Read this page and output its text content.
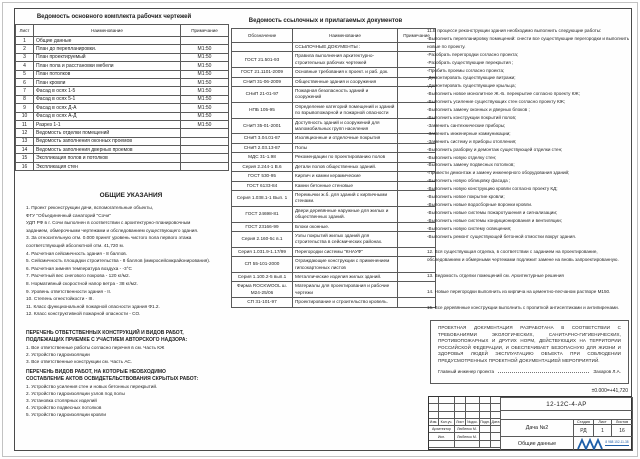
Ведомость основного комплекта рабочих чертежей
Лист	Наименование	Примечание
1	Общие данные	
2	План до перепланировки.	М1:50
3	План проектируемый	М1:50
4	План пола и расстановки мебели	М1:50
5	План потолков	М1:50
6	План кровли	М1:50
7	Фасад в осях 1-5	М1:50
8	Фасад в осях 5-1	М1:50
9	Фасад в осях Д-А	М1:50
10	Фасад в осях А-Д	М1:50
11	Разрез 1-1	М1:50
12	Ведомость отделки помещений	
13	Ведомость заполнения оконных проемов	
14	Ведомость заполнения дверных проемов	
15	Экспликация полов и потолков	
16	Экспликация стен	
Ведомость ссылочных и прилагаемых документов
Обозначение	Наименование	Примечание
	ССЫЛОЧНЫЕ ДОКУМЕНТЫ :	
ГОСТ 21.501-93	Правила выполнения архитектурно-строительных рабочих чертежей	
ГОСТ 21.1101-2009	Основные требования к проект. и раб. док.	
СНиП 31-06-2009	Общественные здания и сооружения	
СНиП 21-01-97	Пожарная безопасность зданий и сооружений	
НПБ 105-95	Определение категорий помещений и зданий по взрывопожарной и пожарной опасности	
СНиП 35-01-2001	Доступность зданий и сооружений для маломобильных групп населения	
СНиП 3.04.01-87	Изоляционные и отделочные покрытия	
СНиП 2.03.13-87	Полы	
МДС 31-1.98	Рекомендации по проектированию полов	
Серия 2.244-1 В.6	Детали полов общественных зданий.	
ГОСТ 530-95	Кирпич и камни керамические	
ГОСТ 6133-84	Камни бетонные стеновые	
Серия 1.038.1-1 Вып. 1	Перемычки ж.б. для зданий с кирпичными стенами.	
ГОСТ 24698-81	Двери деревянные наружные для жилых и общественных зданий.	
ГОСТ 23166-99	Блоки оконные.	
Серия 2.160-5с в.1	Узлы покрытий жилых зданий для строительства в сейсмических районах.	
Серия 1.031.9-1.17/99	Перегородки системы "КНАУФ"	
СП 55-101-2000	Ограждающие конструкции с применением гипсокартонных листов	
Серия 1.100.2-5 вып.1	Металлические изделия жилых зданий.	
Фирма ROCKWOOL ш. М24-25/06	Материалы для проектирования и рабочие чертежи	
СП 31-101-97	Проектирование и строительство кровель.	
11.В процессе реконструкции здания необходимо выполнить следующие работы:
-Выполнить перепланировку помещений: снести все существующие перегородки и выполнить новые по проекту.
-Разобрать перегородки согласно проекта;
-Разобрать существующие перекрытия ;
-Пробить проемы согласно проекта;
-Демонтировать существующие витражи;
-Демонтировать существующие крыльца;
-Выполнить новое монолитное Ж.-Б. перекрытие согласно проекту КЖ;
-Выполнить усиление существующих стен согласно проекту КЖ;
-Выполнить замену оконных и дверных блоков ;
-Выполнить конструкции покрытий полов;
-Заменить сантехнические приборы;
-Заменить инженерные коммуникации;
-Заменить систему и приборы отопления;
-Выполнить разборку и демонтаж существующей отделки стен;
-Выполнить новую отделку стен;
-Выполнить замену подвесных потолков;
-Провести демонтаж и замену инженерного оборудования зданий;
-Выполнить новую облицовку фасада ;
-Выполнить новую конструкцию кровли согласно проекту КД;
-Выполнить новое покрытие кровли;
-Выполнить новые водосборные воронки кровли.
-Выполнить новые системы пожаротушения и сигнализации;
-Выполнить новые системы кондиционирования и вентиляции;
-Выполнить новую систему освещения;
-Выполнить ремонт существующей бетонной отмостки вокруг здания.
12. Вся существующая отделка, в соответствии с заданием на проектирование, обследованием и обмерными чертежами подлежит замене на вновь запроектированную.
13. Ведомость отделки помещений см. Архитектурные решения
14. Новые перегородки выполнить из кирпича на цементно-песчаном растворе М150.
15. Все деревянные конструкции выполнить с пропиткой антисептиками и антипиренами.
ОБЩИЕ УКАЗАНИЯ
1. Проект реконструкции дачи, вспомогательные объекты,
ФГУ "Объединенный санаторий "Сочи"
УДП РФ в г. Сочи выполнен в соответствии с архитектурно-планировочным
заданием, обмерочными чертежами и обследованием существующего здания.
3. За относительную отм. 0.000 принят уровень чистого пола первого этажа
соответствующий абсолютной отм. 41,720 м.
4. Расчетная сейсмичность здания - 8 баллов.
5. Сейсмичность площадки строительства - 8 баллов (микросейсмкрайонирования).
6. Расчетная зимняя температура воздуха - -3°С
7. Расчетный вес снегового покрова - 120 кг/м2.
8. Нормативный скоростной напор ветра - 38 кг/м2.
9. Уровень ответственности здания - II.
10. Степень огнестойкости - III.
11. Класс функциональной пожарной опасности здания Ф1.2.
12. Класс конструктивной пожарной опасности - СО.
ПЕРЕЧЕНЬ ОТВЕТСТВЕННЫХ КОНСТРУКЦИЙ И ВИДОВ РАБОТ,
ПОДЛЕЖАЩИХ ПРИЕМКЕ С УЧАСТИЕМ АВТОРСКОГО НАДЗОРА:
1. Все ответственные работы согласно перечня в см. Часть КЖ
2. Устройство гидроизоляции
3. Все ответственные конструкции см. Часть АС.
ПЕРЕЧЕНЬ ВИДОВ РАБОТ, НА КОТОРЫЕ НЕОБХОДИМО
СОСТАВЛЕНИЕ АКТОВ ОСВИДЕТЕЛЬСТВОВАНИЯ СКРЫТЫХ РАБОТ:
1. Устройство усиления стен и новых бетонных перекрытий.
2. Устройство гидроизоляции узлов под полы
3. Установка столярных изделий
4. Устройство подвесных потолков
5. Устройство гидроизоляции кровли
ПРОЕКТНАЯ ДОКУМЕНТАЦИЯ РАЗРАБОТАНА В СООТВЕТСТВИИ С ТРЕБОВАНИЯМИ ЭКОЛОГИЧЕСКИХ, САНИТАРНО-ГИГИЕНИЧЕСКИХ, ПРОТИВОПОЖАРНЫХ И ДРУГИХ НОРМ, ДЕЙСТВУЮЩИХ НА ТЕРРИТОРИИ РОССИЙСКОЙ ФЕДЕРАЦИИ, И ОБЕСПЕЧИВАЕТ БЕЗОПАСНУЮ ДЛЯ ЖИЗНИ И ЗДОРОВЬЯ ЛЮДЕЙ ЭКСПЛУАТАЦИЮ ОБЪЕКТА ПРИ СОБЛЮДЕНИИ ПРЕДУСМОТРЕННЫХ ПРОЕКТНОЙ ДОКУМЕНТАЦИЕЙ МЕРОПРИЯТИЙ.
Главный инженер проекта	Захаров Л.А.
±0.000=+41,720
Изм. Кол.уч.	Лист №док. Подп. Дата
Архитектор	Любенко М.
Исп.	Любенко М.
12-12С-4-АР
Дача №2
Общие данные
Стадия	Лист	Листов
РД	1	16
8 988 152-11-38
